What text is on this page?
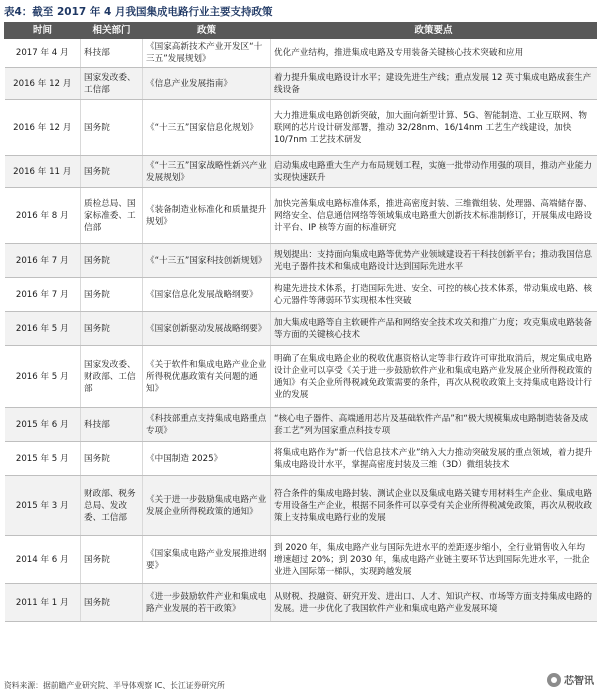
表4：截至 2017 年 4 月我国集成电路行业主要支持政策
时间	相关部门	政策	政策要点
2017 年 4 月	科技部	《国家高新技术产业开发区“十三五”发展规划》	优化产业结构，推进集成电路及专用装备关键核心技术突破和应用
2016 年 12 月	国家发改委、工信部	《信息产业发展指南》	着力提升集成电路设计水平；建设先进生产线；重点发展 12 英寸集成电路成套生产线设备
2016 年 12 月	国务院	《“十三五”国家信息化规划》	大力推进集成电路创新突破，加大面向新型计算、5G、智能制造、工业互联网、物联网的芯片设计研发部署，推动 32/28nm、16/14nm 工艺生产线建设，加快 10/7nm 工艺技术研发
2016 年 11 月	国务院	《“十三五”国家战略性新兴产业发展规划》	启动集成电路重大生产力布局规划工程，实施一批带动作用强的项目，推动产业能力实现快速跃升
2016 年 8 月	质检总局、国家标准委、工信部	《装备制造业标准化和质量提升规划》	加快完善集成电路标准体系，推进高密度封装、三维微组装、处理器、高端储存器、网络安全、信息通信网络等领域集成电路重大创新技术标准制修订，开展集成电路设计平台、IP 核等方面的标准研究
2016 年 7 月	国务院	《“十三五”国家科技创新规划》	规划提出：支持面向集成电路等优势产业领域建设若干科技创新平台；推动我国信息光电子器件技术和集成电路设计达到国际先进水平
2016 年 7 月	国务院	《国家信息化发展战略纲要》	构建先进技术体系，打造国际先进、安全、可控的核心技术体系，带动集成电路、核心元器件等薄弱环节实现根本性突破
2016 年 5 月	国务院	《国家创新驱动发展战略纲要》	加大集成电路等自主软硬件产品和网络安全技术攻关和推广力度；攻克集成电路装备等方面的关键核心技术
2016 年 5 月	国家发改委、财政部、工信部	《关于软件和集成电路产业企业所得税优惠政策有关问题的通知》	明确了在集成电路企业的税收优惠资格认定等非行政许可审批取消后，规定集成电路设计企业可以享受《关于进一步鼓励软件产业和集成电路产业发展企业所得税政策的通知》有关企业所得税减免政策需要的条件，再次从税收政策上支持集成电路设计行业的发展
2015 年 6 月	科技部	《科技部重点支持集成电路重点专项》	“核心电子器件、高端通用芯片及基础软件产品”和“极大规模集成电路制造装备及成套工艺”列为国家重点科技专项
2015 年 5 月	国务院	《中国制造 2025》	将集成电路作为“新一代信息技术产业”纳入大力推动突破发展的重点领域，着力提升集成电路设计水平，掌握高密度封装及三维（3D）微组装技术
2015 年 3 月	财政部、税务总局、发改委、工信部	《关于进一步鼓励集成电路产业发展企业所得税政策的通知》	符合条件的集成电路封装、测试企业以及集成电路关键专用材料生产企业、集成电路专用设备生产企业，根据不同条件可以享受有关企业所得税减免政策，再次从税收政策上支持集成电路行业的发展
2014 年 6 月	国务院	《国家集成电路产业发展推进纲要》	到 2020 年，集成电路产业与国际先进水平的差距逐步缩小，全行业销售收入年均增速超过 20%；到 2030 年，集成电路产业链主要环节达到国际先进水平，一批企业进入国际第一梯队，实现跨越发展
2011 年 1 月	国务院	《进一步鼓励软件产业和集成电路产业发展的若干政策》	从财税、投融资、研究开发、进出口、人才、知识产权、市场等方面支持集成电路的发展。进一步优化了我国软件产业和集成电路产业发展环境
资料来源：据前瞻产业研究院、半导体观察 IC、长江证券研究所	芯智讯
